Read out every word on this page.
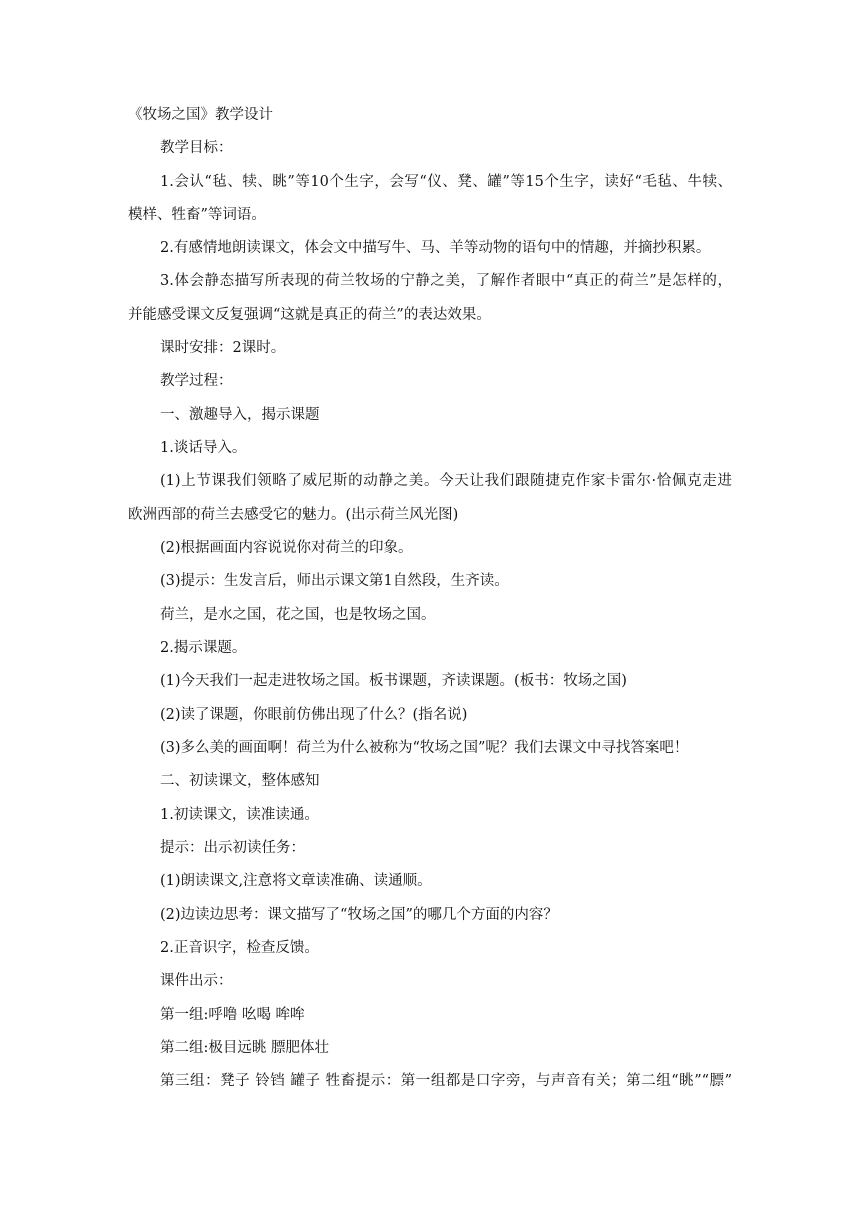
《牧场之国》教学设计
教学目标：
1.会认“毡、犊、眺”等10个生字，会写“仪、凳、罐”等15个生字，读好“毛毡、牛犊、
模样、牲畜”等词语。
2.有感情地朗读课文，体会文中描写牛、马、羊等动物的语句中的情趣，并摘抄积累。
3.体会静态描写所表现的荷兰牧场的宁静之美，了解作者眼中“真正的荷兰”是怎样的，
并能感受课文反复强调“这就是真正的荷兰”的表达效果。
课时安排：2课时。
教学过程：
一、激趣导入，揭示课题
1.谈话导入。
(1)上节课我们领略了威尼斯的动静之美。今天让我们跟随捷克作家卡雷尔·恰佩克走进
欧洲西部的荷兰去感受它的魅力。(出示荷兰风光图)
(2)根据画面内容说说你对荷兰的印象。
(3)提示：生发言后，师出示课文第1自然段，生齐读。
荷兰，是水之国，花之国，也是牧场之国。
2.揭示课题。
(1)今天我们一起走进牧场之国。板书课题，齐读课题。(板书：牧场之国)
(2)读了课题，你眼前仿佛出现了什么？(指名说)
(3)多么美的画面啊！荷兰为什么被称为“牧场之国”呢？我们去课文中寻找答案吧！
二、初读课文，整体感知
1.初读课文，读准读通。
提示：出示初读任务：
(1)朗读课文,注意将文章读准确、读通顺。
(2)边读边思考：课文描写了“牧场之国”的哪几个方面的内容？
2.正音识字，检查反馈。
课件出示：
第一组:呼噜 吆喝 哞哞
第二组:极目远眺 膘肥体壮
第三组：凳子 铃铛 罐子 牲畜提示：第一组都是口字旁，与声音有关；第二组“眺”“膘”
